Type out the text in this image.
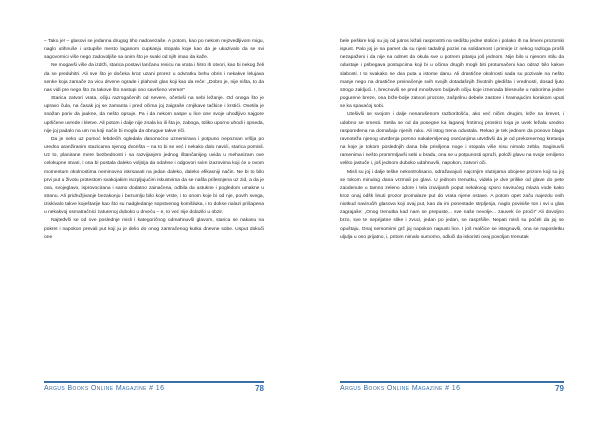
– Tako je! – glasovi se jedanna drugog tiho nadovezaše. A potom, kao po nekom nejzvedljivom migu, naglo utihnuše i ustupiše mesto laganom cupkanju stopala koje kao da je ukazivalo da se svi sagovornici više nego zadovoljiše sa onim što je svaki od njih imao da kaže.

Ne mogavši više da izdrži, starica postavi lančanu resicu na vrata i hitro ih otvori, kao bi nekog želi da se preduhitri. Ali sve što je dočeka kroz uzani prorez u odvratku behu obris i nekakve lelujava senke koja zamače za vicu drvene ograde i plahovit glas koji kao da reče: „Dobro je, nije ništa, to da nas vidi pre nego što za takove što nastupi ono savršeno vreme!“

Starica zatvori vrata, očiju razrogačenih od nevere, očetivši na sebi ležanje. Od onoga što je upravo čula, na časak joj se zamanta i pred očima joj zaigraše crnjikave tačkice i krstići. Osetila je snažan poriv da jaukne, da nešto opsuje. Pa i da nekom saspe u lice one svoje uhodljivo najgore uprličene uvrede i kletve. Ali potom i dalje nije znala ko ili šta je, zaboga, toliko uporno uhodi i opseda, nije joj padalo na um na koji način bi mogla da obrugue takve riči.

Da je neko uz pomoć lebdećih ogledala danonoćno uznemirava i potpuno nepozvan vršlja po uredno aranžiranim stazicama njenog dvorišta – na to bi se već i nekako dalo navići, starica pomisli. Uz to, planirane mere bezbednosti i sa razvijanjem jednog ištančanijeg uvida u mehanizam ove celokupne stvari, i ona bi postala daleko voljnija da odahne i odgovori svim izazovima koji će u ovom momentum okolnostima neminovno iskrsavati na jedan daleko, daleko efikasniji način. Ne bi to bilo prvi put u životu protestom svakojakim iscrpljujućim iskustvima da se našla prilesnjena uz zid, a da je ova, svojeglavo, isprovocirana i samo dodatno zainačena, odbila da ustukne i pogledom umakne u stranu. Ali pridružjivanje bezakonju i bezumlju bilo koje vrste, i to onom koje bi od nje, povrh svega, iziskivalo takve koještarije kao što su nadgledanje sopstvenog komšiluka, i to dokse nalazi prišapena u nekakvoj osmatračnici zaturenoj duboko u drveću – e, to već nije dolazilo u obzir.

Najteđvši se od ove poslednje misli i kategoričnog odmahnuvši glavom, starica se nakanu na pokret i napokon prevali put koji ju je delio do onog zamračenog kutka dnevne sobe. Usput dokuči one

Argus Books Online Magazine # 16	78

bele peškire koji su joj od jutros ležali rasprostrti na sedištu jedne stolice i polako ih na limeni prozorski ispust. Palo joj je na pamet da su njeni tadašnji pozivi na solidarnost i primirje iz nekog razloga prošli nezapaženi i da nije na odmet da okula sve u potrem pitanju još jednom. Nije bilo u njenom stilu da odustaje i pribegava postupcima koji bi u očima drugih mogli biti protumačeni kao odraz bilo kakve slabosti. I to svakako ne dva puta u istome danu. Ali drastične okolnosti sada su pozivale na nešto manje nego na drastične preinačenje svih svojih dotadašnjih životnih gledišta i vrednosti, dosad ljuto strogo zakljući. I, brecnuvši se pred mnoštvom buljavih očiju koje iznenada blesnuše u naborima jedne pogurene breze, ona brže-bolje zatvori prozore, zašprilnu debele zastore i hramajućim korakom uputi se ka spavaćoj sobi.

Utešivši se svojom i dalje nenarušenom razboritošću, ako već ničim drugim, leže na krevet, i udobno se smesti. Setila se od da posegne ka laganoj frotirnoj prostirci koja je uvek ležala uredno raspoređena na domašaju njenih ruku. Ali istog trena odustala. Rekao je tek jednom da ponovo blaga ravnoteža njenog utvrđenja pomno nakalemljenog osećanjima utvrđivši da je od prekomernog kretanja na koje je tokom poslednjih dana bila prisiljena noge i stopala više nisu nimalo zebla. Saginuvši ramenima i nešto promrmljavši sebi u bradu, ona se u potpunosti opruži, položi glavu na svoje omiljeno veliko jastuče i, još jednom duboko udahnuvši, napokon, zatvori oči.

Misli su joj i dalje teške nekontrolisano, odražavajući najcrnjim slutnjama obojene prizore koji su joj se tokom minulog dana vrzmali po glavi. U jednom trenutku, videla je dve prilike od glave do pete zaodenute u tamno zeleno odore i tela izuvijanih poput nekakvog sporo navirućeg mlaza vode kako kroz onaj odšk linuti prozor promalaze put do vrata njene ostave. A potom opet začu najezdu onih niotkud navirućih glasova koji ovaj put, kao da im ponestade strpljenja, naglo povisiše ton i svi u glas zagrajaše: „Onog trenutka kad nam se prepuste... sve naše nevolje... zauvek će proći!“ Ali dovoljno brzo, sve te neprijatne slike i zvuci, jedan po jedan, se raspršiše. Nepati misli su počeli da joj se opuštaju. Onaj nemomimi grč joj napokon napusti lice. I još malčice se istegnuvši, ona se naposletku uljulja u ono prijatno, i, pritom nimalo sumorno, odluči da iskoristi ovaj povoljan trenutak

Argus Books Online Magazine # 16	79
